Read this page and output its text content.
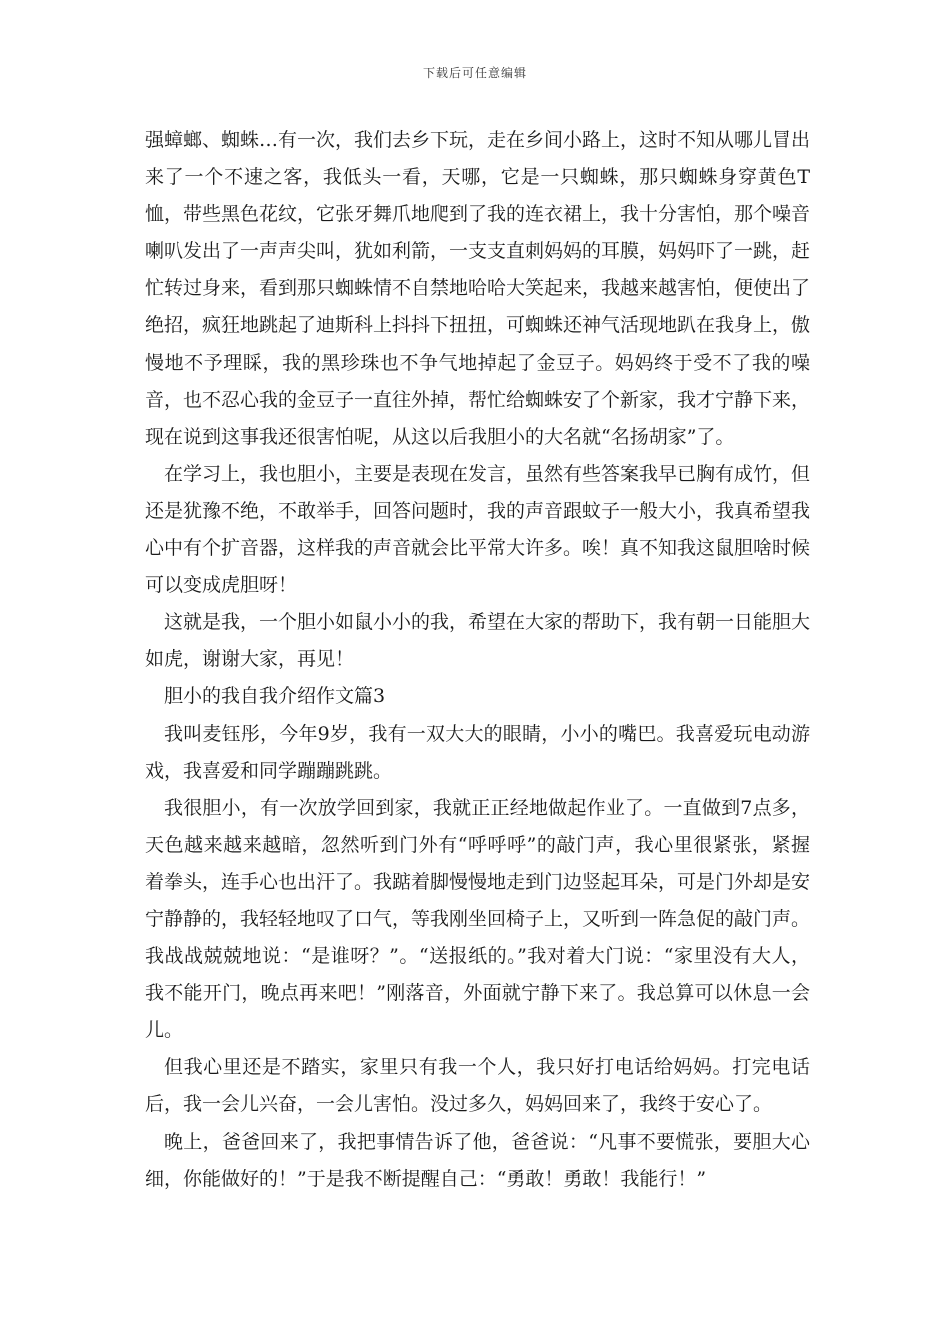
下载后可任意编辑

强蟑螂、蜘蛛…有一次，我们去乡下玩，走在乡间小路上，这时不知从哪儿冒出来了一个不速之客，我低头一看，天哪，它是一只蜘蛛，那只蜘蛛身穿黄色T恤，带些黑色花纹，它张牙舞爪地爬到了我的连衣裙上，我十分害怕，那个噪音喇叭发出了一声声尖叫，犹如利箭，一支支直刺妈妈的耳膜，妈妈吓了一跳，赶忙转过身来，看到那只蜘蛛情不自禁地哈哈大笑起来，我越来越害怕，便使出了绝招，疯狂地跳起了迪斯科上抖抖下扭扭，可蜘蛛还神气活现地趴在我身上，傲慢地不予理睬，我的黑珍珠也不争气地掉起了金豆子。妈妈终于受不了我的噪音，也不忍心我的金豆子一直往外掉，帮忙给蜘蛛安了个新家，我才宁静下来，现在说到这事我还很害怕呢，从这以后我胆小的大名就“名扬胡家”了。

在学习上，我也胆小，主要是表现在发言，虽然有些答案我早已胸有成竹，但还是犹豫不绝，不敢举手，回答问题时，我的声音跟蚊子一般大小，我真希望我心中有个扩音器，这样我的声音就会比平常大许多。唉！真不知我这鼠胆啥时候可以变成虎胆呀！

这就是我，一个胆小如鼠小小的我，希望在大家的帮助下，我有朝一日能胆大如虎，谢谢大家，再见！

胆小的我自我介绍作文篇3

我叫麦钰彤，今年9岁，我有一双大大的眼睛，小小的嘴巴。我喜爱玩电动游戏，我喜爱和同学蹦蹦跳跳。

我很胆小，有一次放学回到家，我就正正经地做起作业了。一直做到7点多，天色越来越来越暗，忽然听到门外有“呼呼呼”的敲门声，我心里很紧张，紧握着拳头，连手心也出汗了。我踮着脚慢慢地走到门边竖起耳朵，可是门外却是安宁静静的，我轻轻地叹了口气，等我刚坐回椅子上，又听到一阵急促的敲门声。我战战兢兢地说：“是谁呀？”。“送报纸的。”我对着大门说：“家里没有大人，我不能开门，晚点再来吧！”刚落音，外面就宁静下来了。我总算可以休息一会儿。

但我心里还是不踏实，家里只有我一个人，我只好打电话给妈妈。打完电话后，我一会儿兴奋，一会儿害怕。没过多久，妈妈回来了，我终于安心了。

晚上，爸爸回来了，我把事情告诉了他，爸爸说：“凡事不要慌张，要胆大心细，你能做好的！”于是我不断提醒自己：“勇敢！勇敢！我能行！”
